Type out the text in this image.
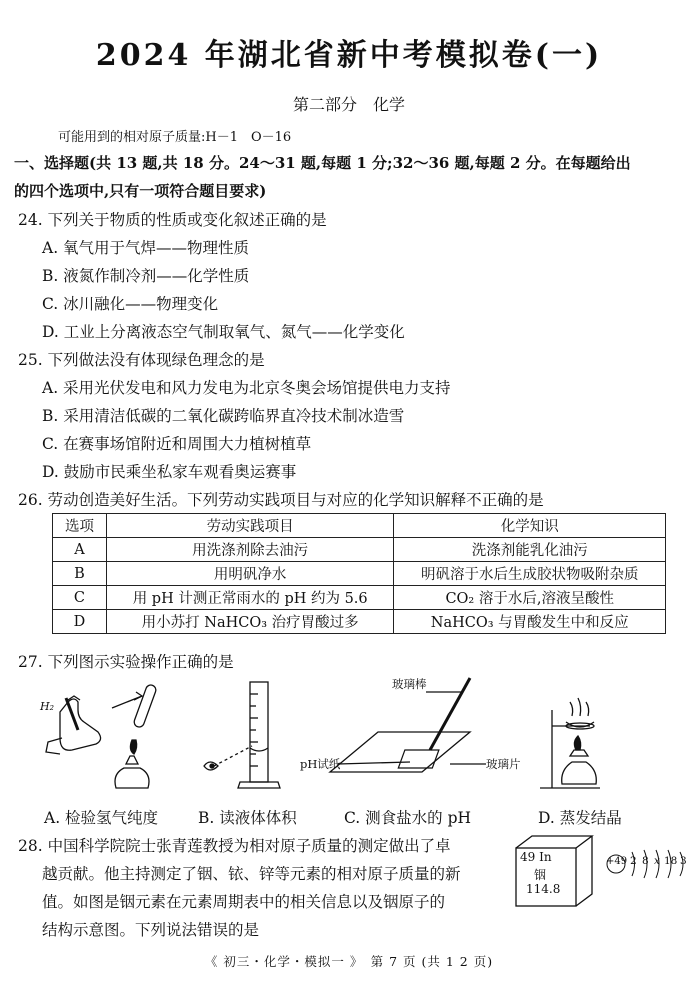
2024 年湖北省新中考模拟卷(一)
第二部分　化学
可能用到的相对原子质量:H－1　O－16
一、选择题(共 13 题,共 18 分。24～31 题,每题 1 分;32～36 题,每题 2 分。在每题给出
的四个选项中,只有一项符合题目要求)
24. 下列关于物质的性质或变化叙述正确的是
A. 氧气用于气焊——物理性质
B. 液氮作制冷剂——化学性质
C. 冰川融化——物理变化
D. 工业上分离液态空气制取氧气、氮气——化学变化
25. 下列做法没有体现绿色理念的是
A. 采用光伏发电和风力发电为北京冬奥会场馆提供电力支持
B. 采用清洁低碳的二氧化碳跨临界直冷技术制冰造雪
C. 在赛事场馆附近和周围大力植树植草
D. 鼓励市民乘坐私家车观看奥运赛事
26. 劳动创造美好生活。下列劳动实践项目与对应的化学知识解释不正确的是
选项	劳动实践项目	化学知识
A	用洗涤剂除去油污	洗涤剂能乳化油污
B	用明矾净水	明矾溶于水后生成胶状物吸附杂质
C	用 pH 计测正常雨水的 pH 约为 5.6	CO₂ 溶于水后,溶液呈酸性
D	用小苏打 NaHCO₃ 治疗胃酸过多	NaHCO₃ 与胃酸发生中和反应
27. 下列图示实验操作正确的是
H₂
玻璃棒
pH试纸	玻璃片
A. 检验氢气纯度	B. 读液体体积	C. 测食盐水的 pH	D. 蒸发结晶
28. 中国科学院院士张青莲教授为相对原子质量的测定做出了卓
越贡献。他主持测定了铟、铱、锌等元素的相对原子质量的新
值。如图是铟元素在元素周期表中的相关信息以及铟原子的
结构示意图。下列说法错误的是
49 In
铟
114.8
+49 2 8 x 18 3
《 初三・化学・模拟一 》　第 7 页 (共 1 2 页)
